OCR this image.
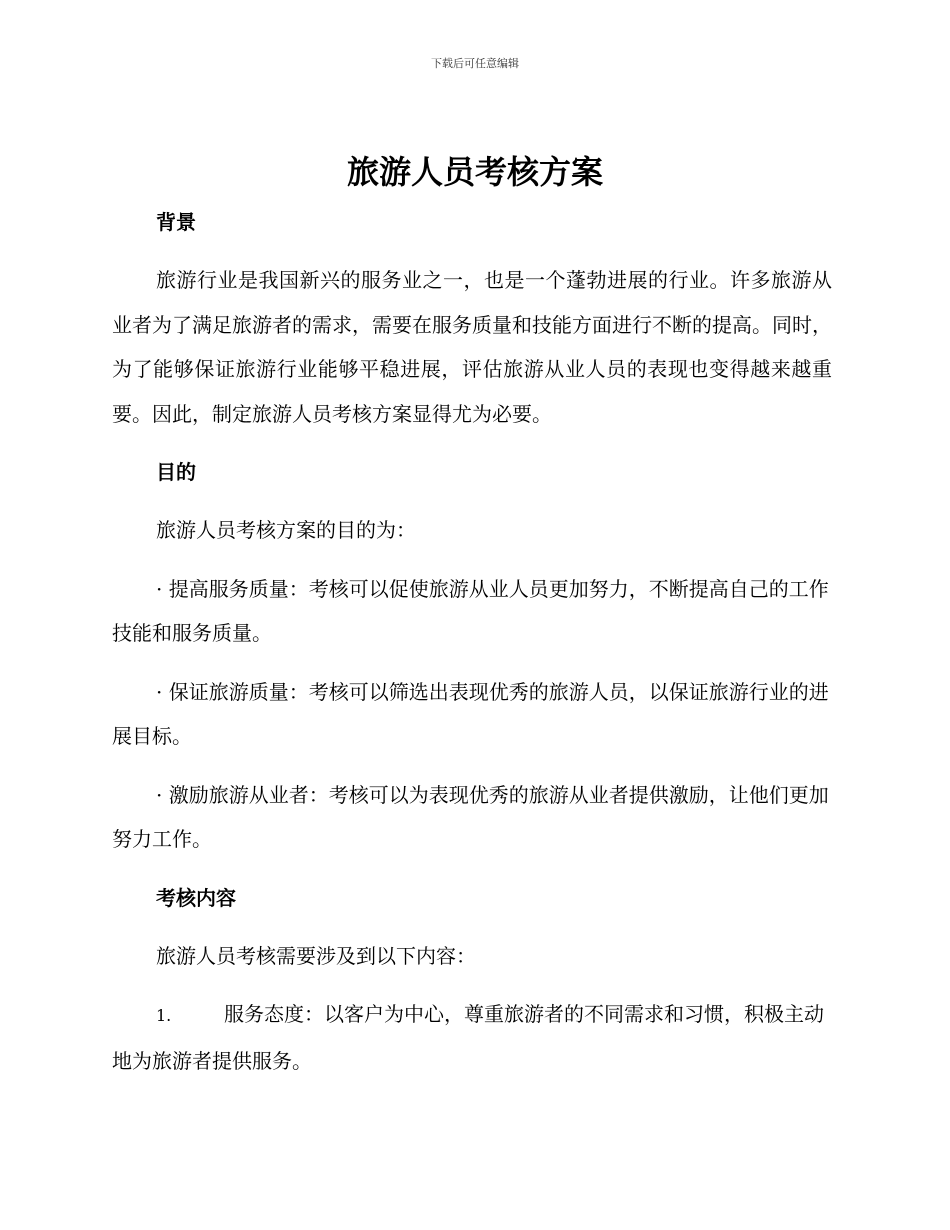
下载后可任意编辑
旅游人员考核方案
背景

旅游行业是我国新兴的服务业之一，也是一个蓬勃进展的行业。许多旅游从业者为了满足旅游者的需求，需要在服务质量和技能方面进行不断的提高。同时，为了能够保证旅游行业能够平稳进展，评估旅游从业人员的表现也变得越来越重要。因此，制定旅游人员考核方案显得尤为必要。

目的

旅游人员考核方案的目的为：

· 提高服务质量：考核可以促使旅游从业人员更加努力，不断提高自己的工作技能和服务质量。

· 保证旅游质量：考核可以筛选出表现优秀的旅游人员，以保证旅游行业的进展目标。

· 激励旅游从业者：考核可以为表现优秀的旅游从业者提供激励，让他们更加努力工作。

考核内容

旅游人员考核需要涉及到以下内容：

1.	服务态度：以客户为中心，尊重旅游者的不同需求和习惯，积极主动地为旅游者提供服务。
